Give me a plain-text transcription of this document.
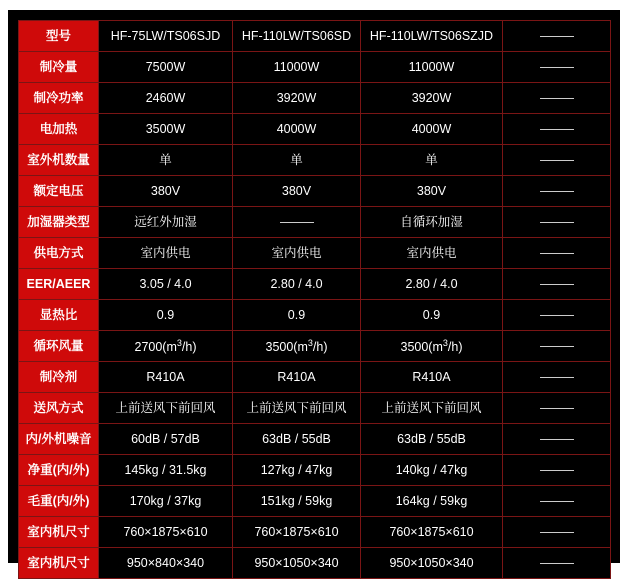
型号	HF-75LW/TS06SJD	HF-110LW/TS06SD	HF-110LW/TS06SZJD	
制冷量	7500W	11000W	11000W	
制冷功率	2460W	3920W	3920W	
电加热	3500W	4000W	4000W	
室外机数量	单	单	单	
额定电压	380V	380V	380V	
加湿器类型	远红外加湿		自循环加湿	
供电方式	室内供电	室内供电	室内供电	
EER/AEER	3.05 / 4.0	2.80 / 4.0	2.80 / 4.0	
显热比	0.9	0.9	0.9	
循环风量	$2700(m^3/h)$	$3500(m^3/h)$	$3500(m^3/h)$	
制冷剂	R410A	R410A	R410A	
送风方式	上前送风下前回风	上前送风下前回风	上前送风下前回风	
内/外机噪音	60dB / 57dB	63dB / 55dB	63dB / 55dB	
净重(内/外)	145kg / 31.5kg	127kg / 47kg	140kg / 47kg	
毛重(内/外)	170kg / 37kg	151kg / 59kg	164kg / 59kg	
室内机尺寸	760×1875×610	760×1875×610	760×1875×610	
室内机尺寸	950×840×340	950×1050×340	950×1050×340	
